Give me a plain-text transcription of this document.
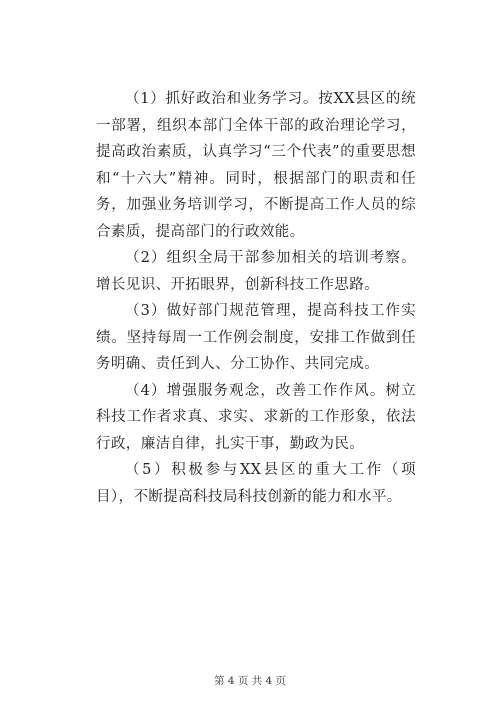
（1）抓好政治和业务学习。按XX县区的统一部署，组织本部门全体干部的政治理论学习，提高政治素质，认真学习“三个代表”的重要思想和“十六大”精神。同时，根据部门的职责和任务，加强业务培训学习，不断提高工作人员的综合素质，提高部门的行政效能。

（2）组织全局干部参加相关的培训考察。增长见识、开拓眼界，创新科技工作思路。

（3）做好部门规范管理，提高科技工作实绩。坚持每周一工作例会制度，安排工作做到任务明确、责任到人、分工协作、共同完成。

（4）增强服务观念，改善工作作风。树立科技工作者求真、求实、求新的工作形象，依法行政，廉洁自律，扎实干事，勤政为民。

（5）积极参与XX县区的重大工作（项目），不断提高科技局科技创新的能力和水平。

第 4 页 共 4 页
